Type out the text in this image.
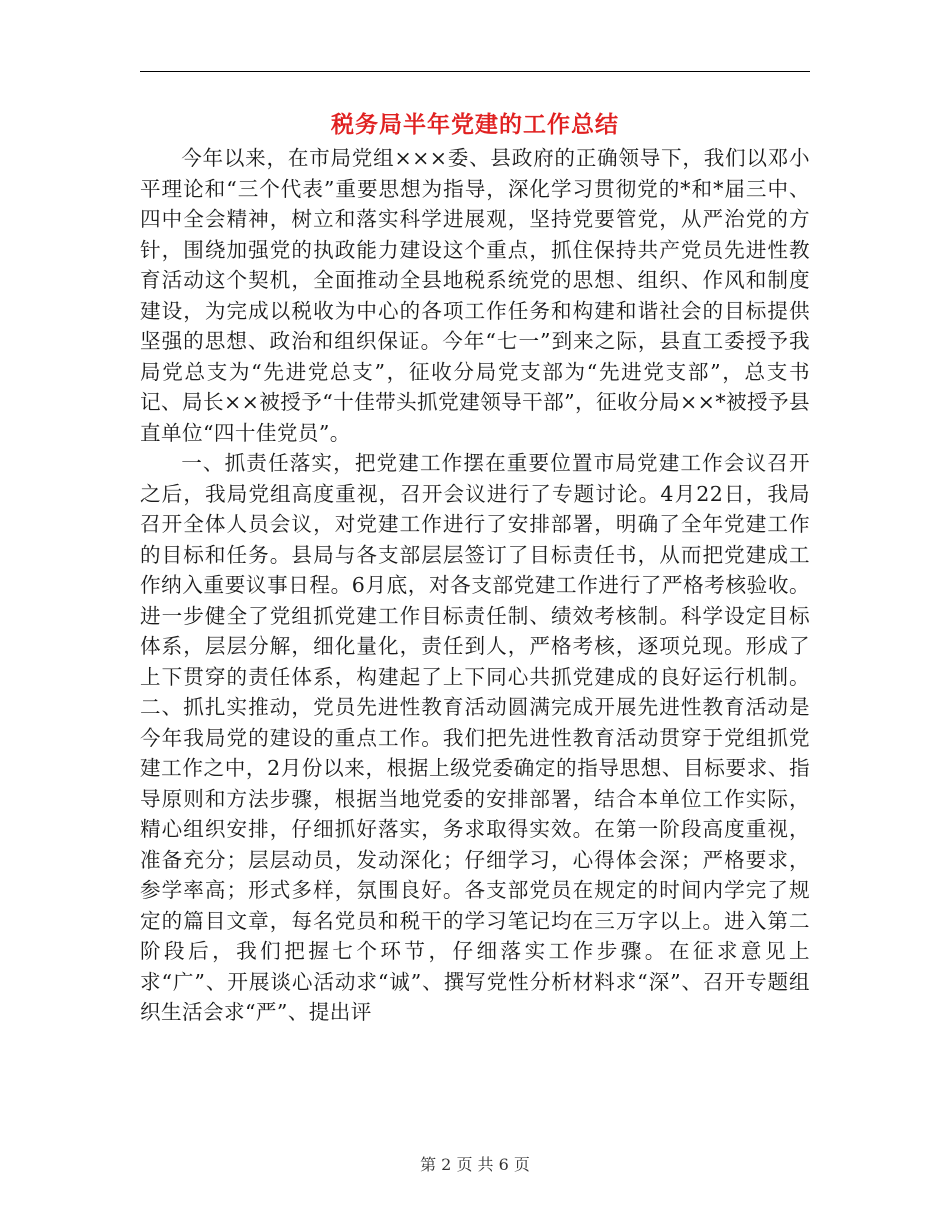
税务局半年党建的工作总结

今年以来，在市局党组×××委、县政府的正确领导下，我们以邓小平理论和“三个代表”重要思想为指导，深化学习贯彻党的*和*届三中、四中全会精神，树立和落实科学进展观，坚持党要管党，从严治党的方针，围绕加强党的执政能力建设这个重点，抓住保持共产党员先进性教育活动这个契机，全面推动全县地税系统党的思想、组织、作风和制度建设，为完成以税收为中心的各项工作任务和构建和谐社会的目标提供坚强的思想、政治和组织保证。今年“七一”到来之际，县直工委授予我局党总支为“先进党总支”，征收分局党支部为“先进党支部”，总支书记、局长××被授予“十佳带头抓党建领导干部”，征收分局××*被授予县直单位“四十佳党员”。

一、抓责任落实，把党建工作摆在重要位置市局党建工作会议召开之后，我局党组高度重视，召开会议进行了专题讨论。4月22日，我局召开全体人员会议，对党建工作进行了安排部署，明确了全年党建工作的目标和任务。县局与各支部层层签订了目标责任书，从而把党建成工作纳入重要议事日程。6月底，对各支部党建工作进行了严格考核验收。进一步健全了党组抓党建工作目标责任制、绩效考核制。科学设定目标体系，层层分解，细化量化，责任到人，严格考核，逐项兑现。形成了上下贯穿的责任体系，构建起了上下同心共抓党建成的良好运行机制。二、抓扎实推动，党员先进性教育活动圆满完成开展先进性教育活动是今年我局党的建设的重点工作。我们把先进性教育活动贯穿于党组抓党建工作之中，2月份以来，根据上级党委确定的指导思想、目标要求、指导原则和方法步骤，根据当地党委的安排部署，结合本单位工作实际，精心组织安排，仔细抓好落实，务求取得实效。在第一阶段高度重视，准备充分；层层动员，发动深化；仔细学习，心得体会深；严格要求，参学率高；形式多样，氛围良好。各支部党员在规定的时间内学完了规定的篇目文章，每名党员和税干的学习笔记均在三万字以上。进入第二阶段后，我们把握七个环节，仔细落实工作步骤。在征求意见上求“广”、开展谈心活动求“诚”、撰写党性分析材料求“深”、召开专题组织生活会求“严”、提出评

第 2 页 共 6 页
